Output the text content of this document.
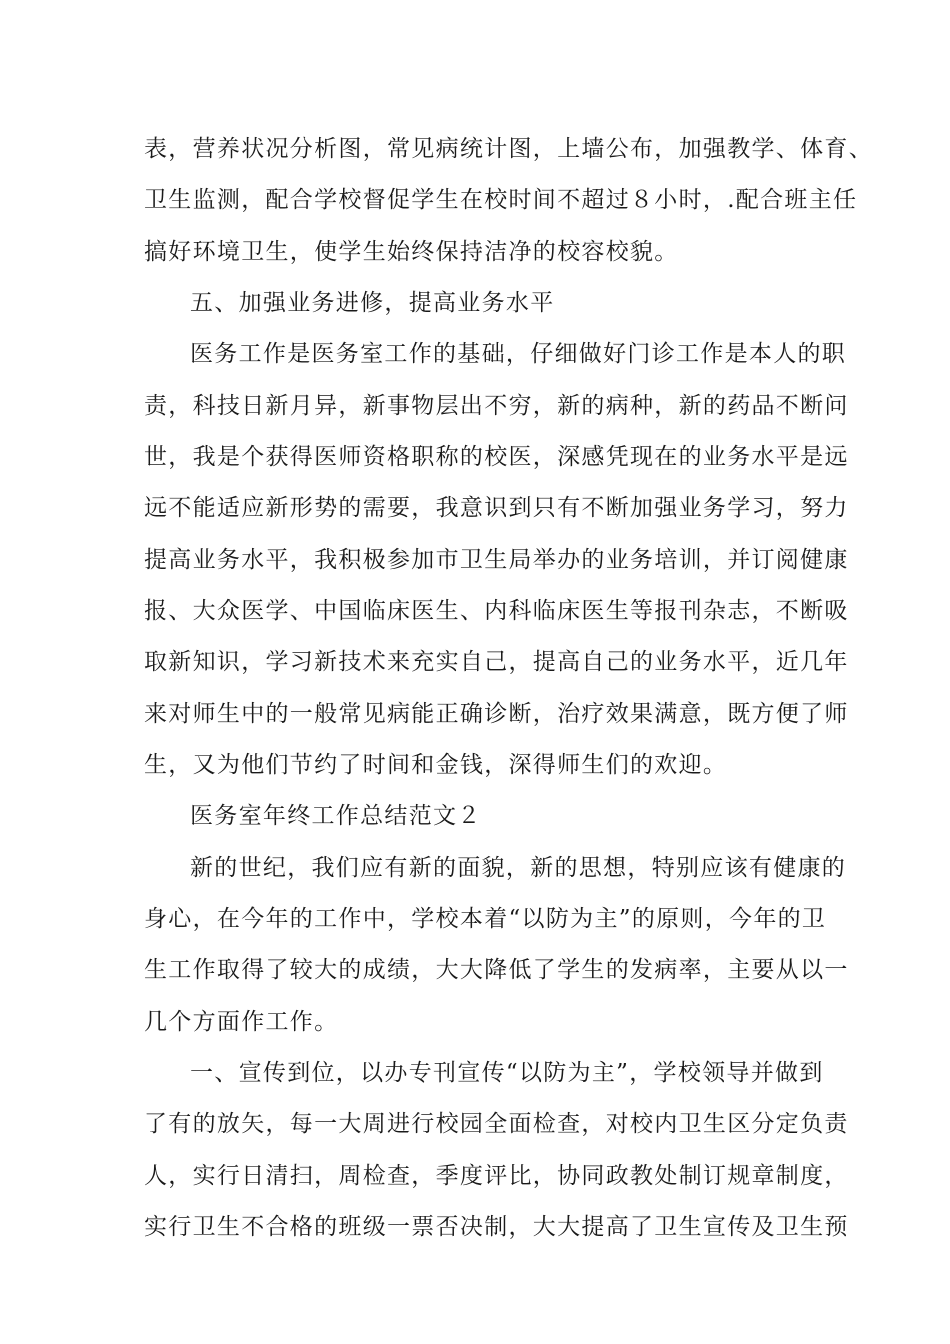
表，营养状况分析图，常见病统计图，上墙公布，加强教学、体育、
卫生监测，配合学校督促学生在校时间不超过８小时，.配合班主任
搞好环境卫生，使学生始终保持洁净的校容校貌。
五、加强业务进修，提高业务水平
医务工作是医务室工作的基础，仔细做好门诊工作是本人的职
责，科技日新月异，新事物层出不穷，新的病种，新的药品不断问
世，我是个获得医师资格职称的校医，深感凭现在的业务水平是远
远不能适应新形势的需要，我意识到只有不断加强业务学习，努力
提高业务水平，我积极参加市卫生局举办的业务培训，并订阅健康
报、大众医学、中国临床医生、内科临床医生等报刊杂志，不断吸
取新知识，学习新技术来充实自己，提高自己的业务水平，近几年
来对师生中的一般常见病能正确诊断，治疗效果满意，既方便了师
生，又为他们节约了时间和金钱，深得师生们的欢迎。
医务室年终工作总结范文２
新的世纪，我们应有新的面貌，新的思想，特别应该有健康的
身心，在今年的工作中，学校本着“以防为主”的原则，今年的卫
生工作取得了较大的成绩，大大降低了学生的发病率，主要从以一
几个方面作工作。
一、宣传到位，以办专刊宣传“以防为主”，学校领导并做到
了有的放矢，每一大周进行校园全面检查，对校内卫生区分定负责
人，实行日清扫，周检查，季度评比，协同政教处制订规章制度，
实行卫生不合格的班级一票否决制，大大提高了卫生宣传及卫生预
